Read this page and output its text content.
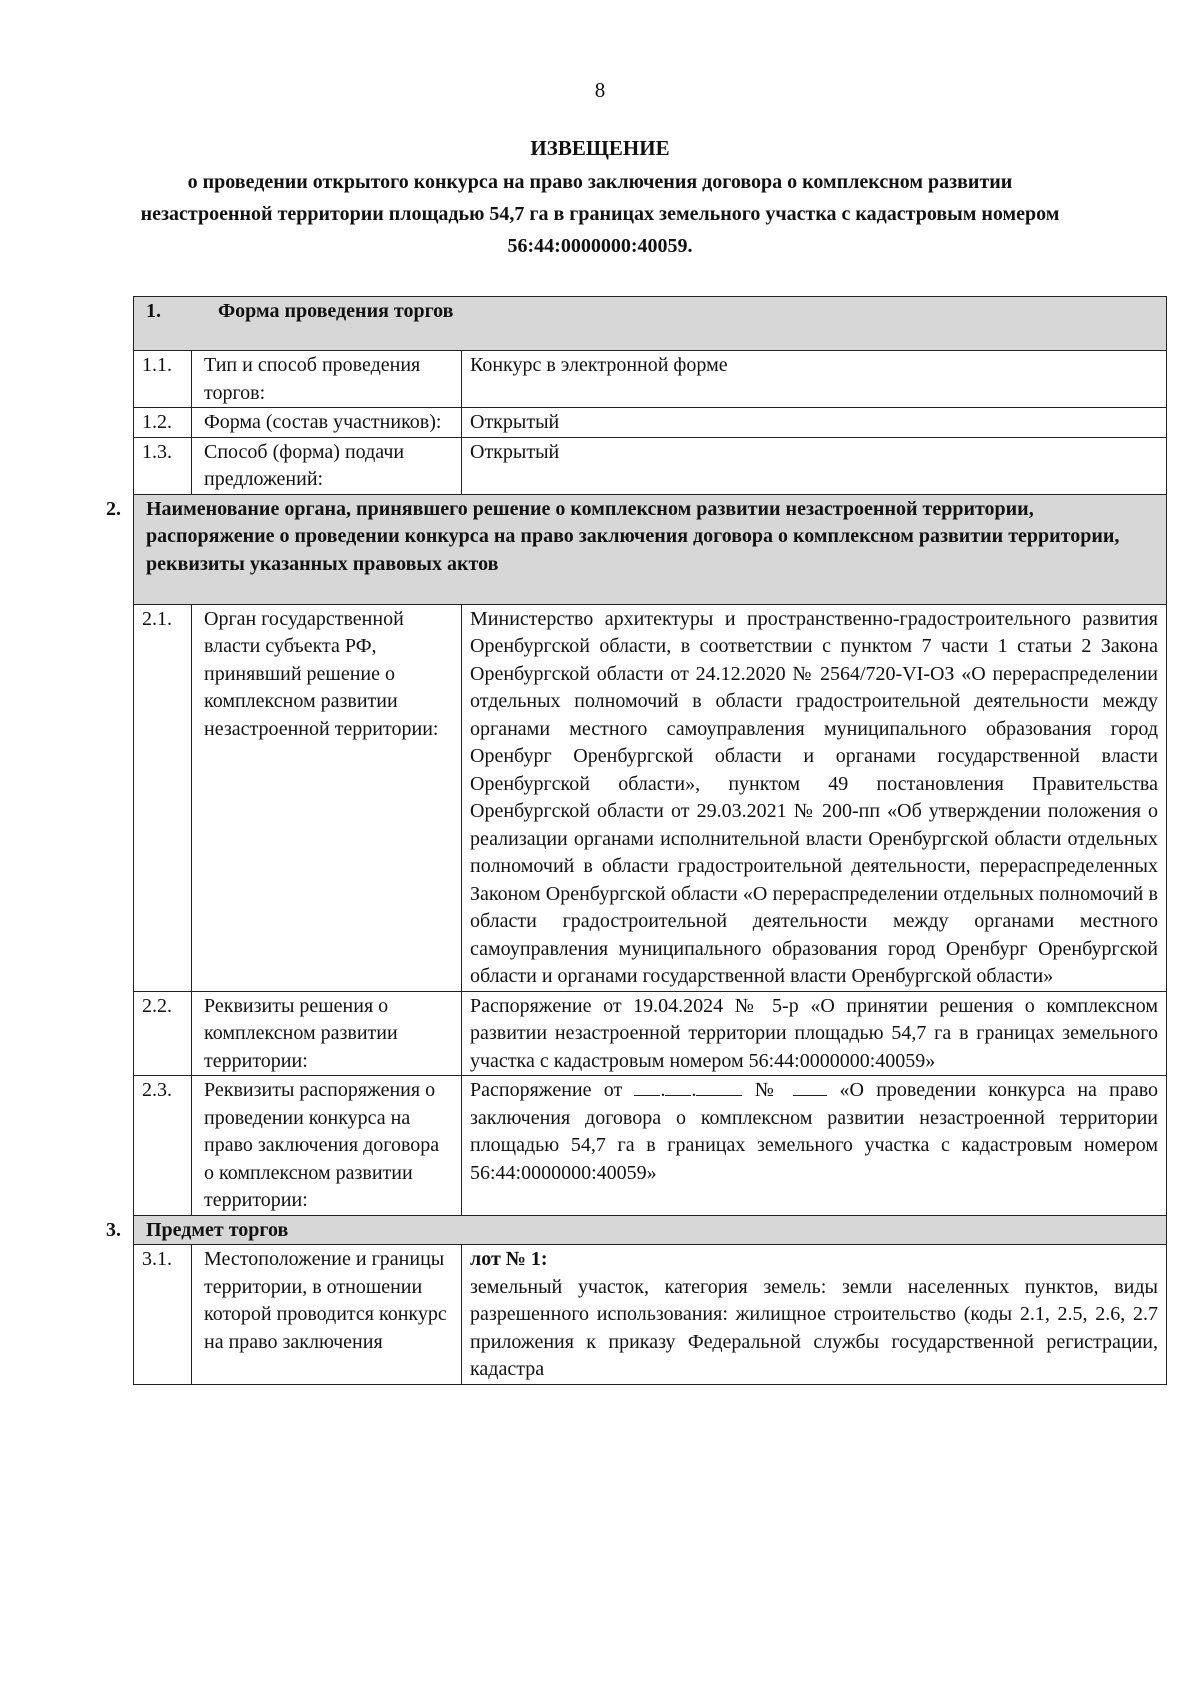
8
ИЗВЕЩЕНИЕ
о проведении открытого конкурса на право заключения договора о комплексном развитии незастроенной территории площадью 54,7 га в границах земельного участка с кадастровым номером 56:44:0000000:40059.
1. Форма проведения торгов		
1.1.	Тип и способ проведения торгов:	Конкурс в электронной форме
1.2.	Форма (состав участников):	Открытый
1.3.	Способ (форма) подачи предложений:	Открытый
2. Наименование органа, принявшего решение о комплексном развитии незастроенной территории, распоряжение о проведении конкурса на право заключения договора о комплексном развитии территории, реквизиты указанных правовых актов		
2.1.	Орган государственной власти субъекта РФ, принявший решение о комплексном развитии незастроенной территории:	Министерство архитектуры и пространственно-градостроительного развития Оренбургской области, в соответствии с пунктом 7 части 1 статьи 2 Закона Оренбургской области от 24.12.2020 № 2564/720-VI-ОЗ «О перераспределении отдельных полномочий в области градостроительной деятельности между органами местного самоуправления муниципального образования город Оренбург Оренбургской области и органами государственной власти Оренбургской области», пунктом 49 постановления Правительства Оренбургской области от 29.03.2021 № 200-пп «Об утверждении положения о реализации органами исполнительной власти Оренбургской области отдельных полномочий в области градостроительной деятельности, перераспределенных Законом Оренбургской области «О перераспределении отдельных полномочий в области градостроительной деятельности между органами местного самоуправления муниципального образования город Оренбург Оренбургской области и органами государственной власти Оренбургской области»
2.2.	Реквизиты решения о комплексном развитии территории:	Распоряжение от 19.04.2024 № 5-р «О принятии решения о комплексном развитии незастроенной территории площадью 54,7 га в границах земельного участка с кадастровым номером 56:44:0000000:40059»
2.3.	Реквизиты распоряжения о проведении конкурса на право заключения договора о комплексном развитии территории:	Распоряжение от . . № «О проведении конкурса на право заключения договора о комплексном развитии незастроенной территории площадью 54,7 га в границах земельного участка с кадастровым номером 56:44:0000000:40059»
3. Предмет торгов		
3.1.	Местоположение и границы территории, в отношении которой проводится конкурс на право заключения	лот № 1:
земельный участок, категория земель: земли населенных пунктов, виды разрешенного использования: жилищное строительство (коды 2.1, 2.5, 2.6, 2.7 приложения к приказу Федеральной службы государственной регистрации, кадастра
